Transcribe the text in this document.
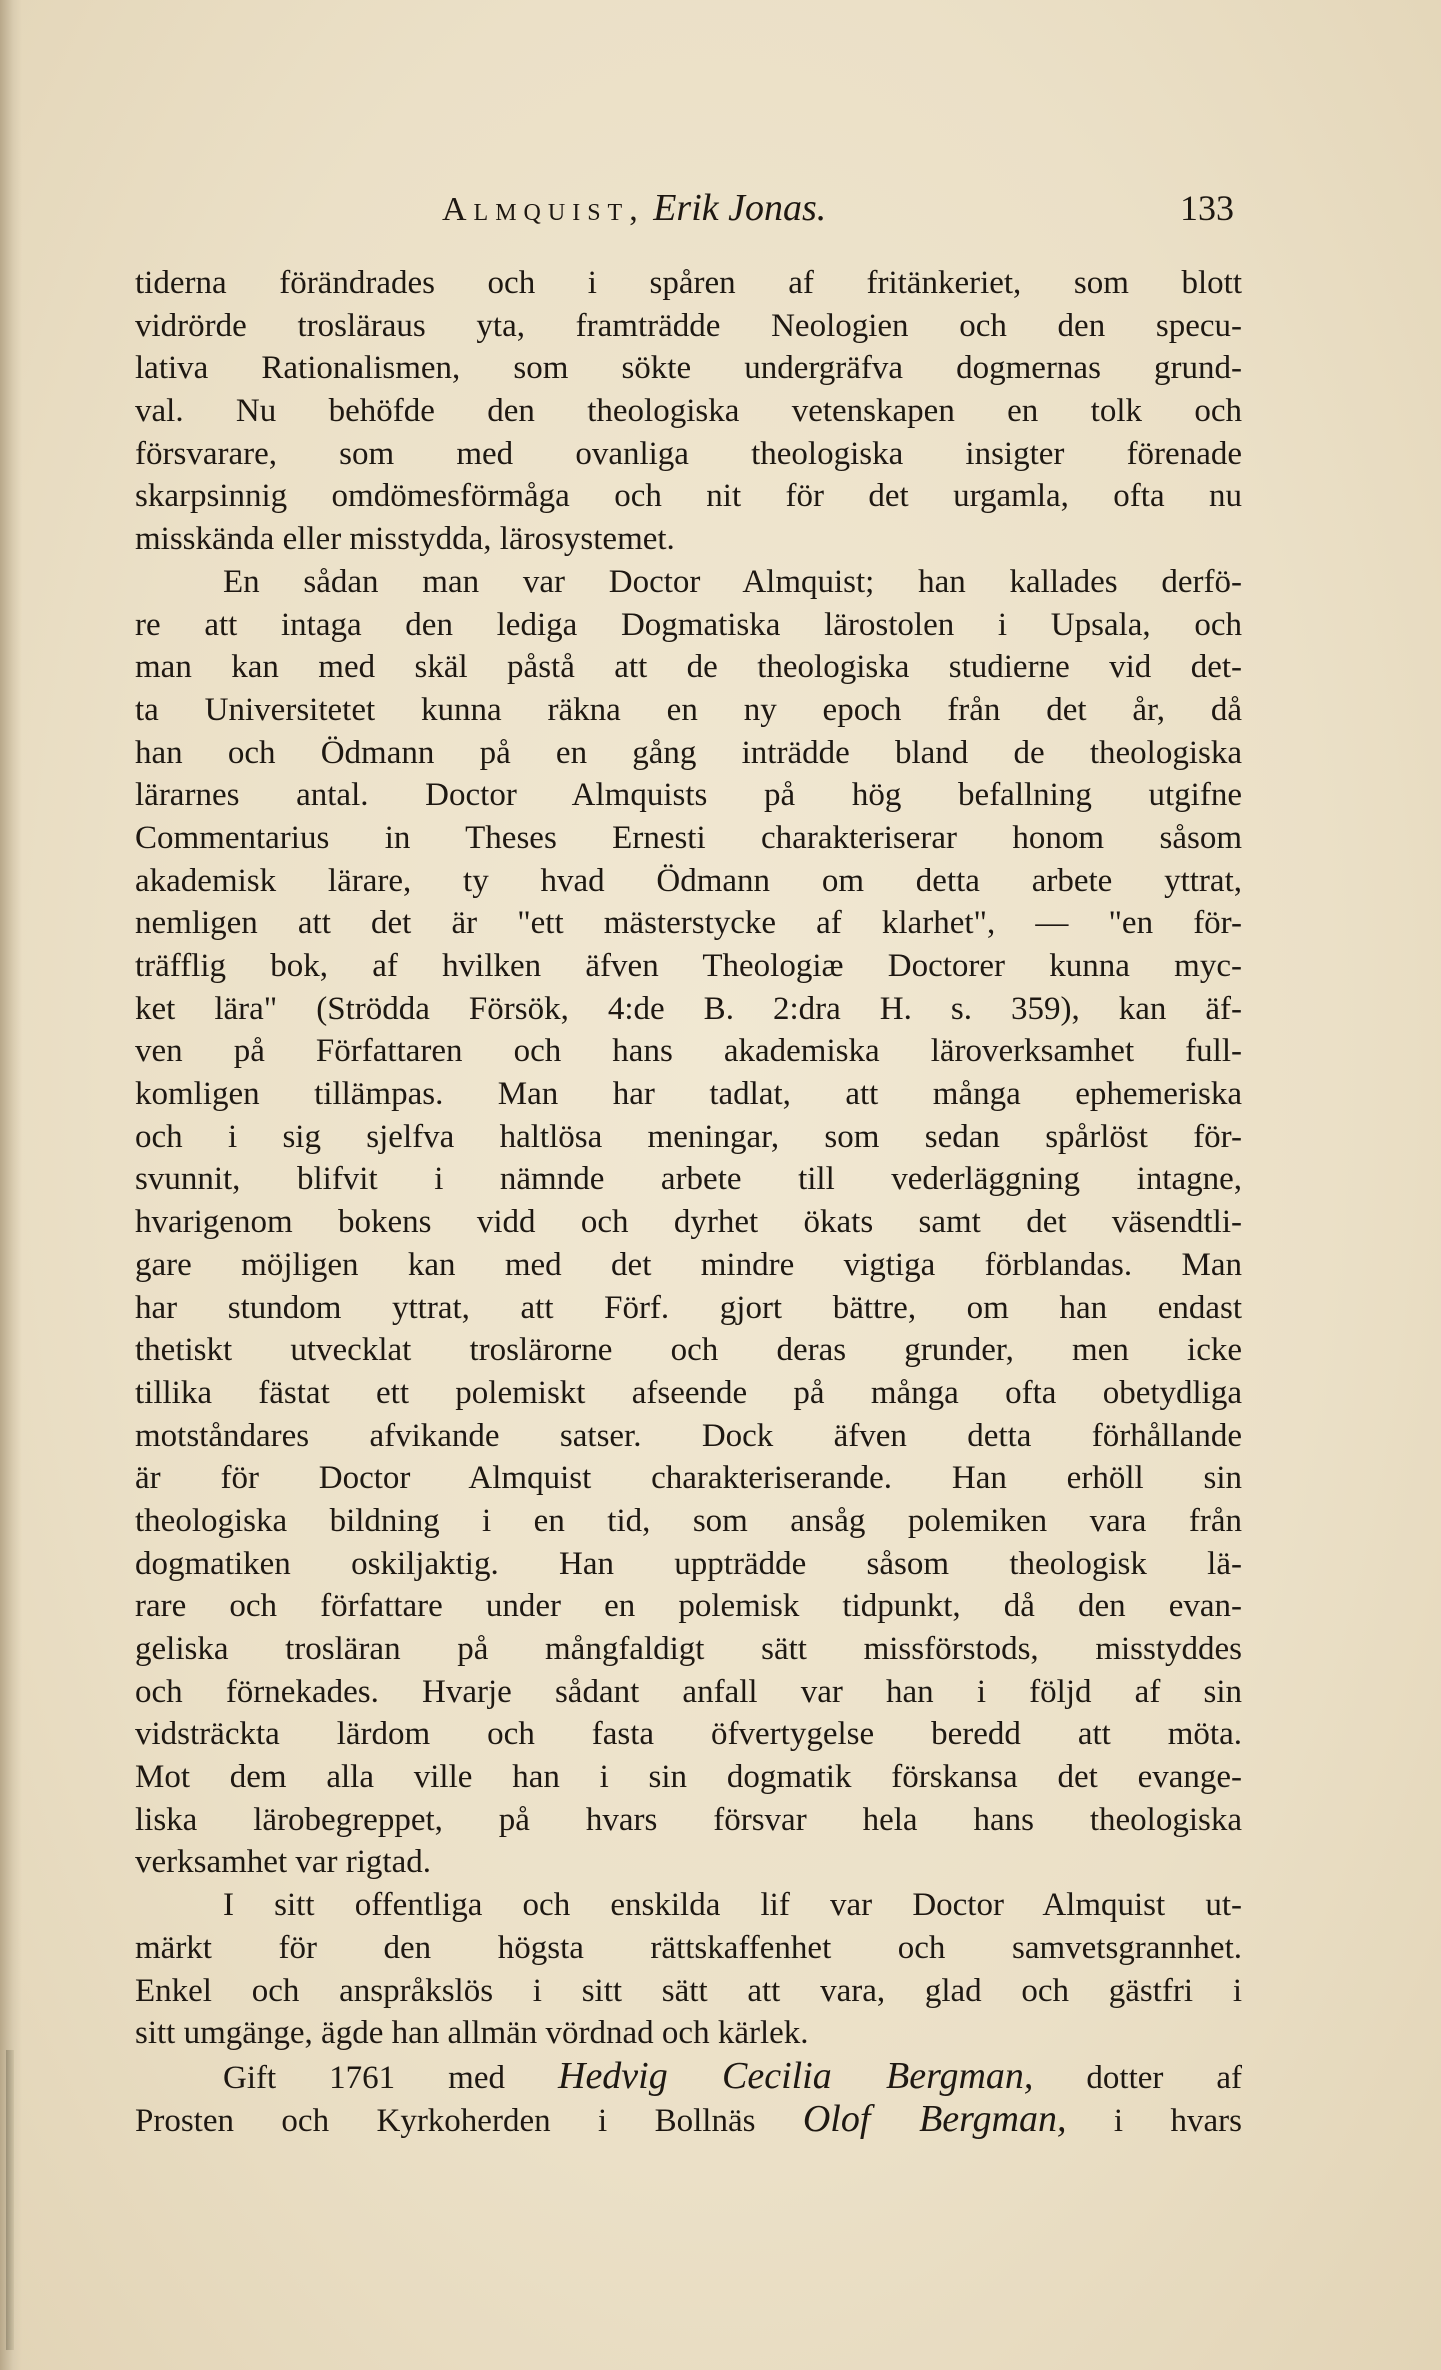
Almquist, Erik Jonas.	133
tiderna förändrades och i spåren af fritänkeriet, som blott
vidrörde trosläraus yta, framträdde Neologien och den specu-
lativa Rationalismen, som sökte undergräfva dogmernas grund-
val. Nu behöfde den theologiska vetenskapen en tolk och
försvarare, som med ovanliga theologiska insigter förenade
skarpsinnig omdömesförmåga och nit för det urgamla, ofta nu
misskända eller misstydda, lärosystemet.
En sådan man var Doctor Almquist; han kallades derfö-
re att intaga den lediga Dogmatiska lärostolen i Upsala, och
man kan med skäl påstå att de theologiska studierne vid det-
ta Universitetet kunna räkna en ny epoch från det år, då
han och Ödmann på en gång inträdde bland de theologiska
lärarnes antal. Doctor Almquists på hög befallning utgifne
Commentarius in Theses Ernesti charakteriserar honom såsom
akademisk lärare, ty hvad Ödmann om detta arbete yttrat,
nemligen att det är "ett mästerstycke af klarhet", — "en för-
träfflig bok, af hvilken äfven Theologiæ Doctorer kunna myc-
ket lära" (Strödda Försök, 4:de B. 2:dra H. s. 359), kan äf-
ven på Författaren och hans akademiska läroverksamhet full-
komligen tillämpas. Man har tadlat, att många ephemeriska
och i sig sjelfva haltlösa meningar, som sedan spårlöst för-
svunnit, blifvit i nämnde arbete till vederläggning intagne,
hvarigenom bokens vidd och dyrhet ökats samt det väsendtli-
gare möjligen kan med det mindre vigtiga förblandas. Man
har stundom yttrat, att Förf. gjort bättre, om han endast
thetiskt utvecklat troslärorne och deras grunder, men icke
tillika fästat ett polemiskt afseende på många ofta obetydliga
motståndares afvikande satser. Dock äfven detta förhållande
är för Doctor Almquist charakteriserande. Han erhöll sin
theologiska bildning i en tid, som ansåg polemiken vara från
dogmatiken oskiljaktig. Han uppträdde såsom theologisk lä-
rare och författare under en polemisk tidpunkt, då den evan-
geliska trosläran på mångfaldigt sätt missförstods, misstyddes
och förnekades. Hvarje sådant anfall var han i följd af sin
vidsträckta lärdom och fasta öfvertygelse beredd att möta.
Mot dem alla ville han i sin dogmatik förskansa det evange-
liska lärobegreppet, på hvars försvar hela hans theologiska
verksamhet var rigtad.
I sitt offentliga och enskilda lif var Doctor Almquist ut-
märkt för den högsta rättskaffenhet och samvetsgrannhet.
Enkel och anspråkslös i sitt sätt att vara, glad och gästfri i
sitt umgänge, ägde han allmän vördnad och kärlek.
Gift 1761 med Hedvig Cecilia Bergman, dotter af
Prosten och Kyrkoherden i Bollnäs Olof Bergman, i hvars
